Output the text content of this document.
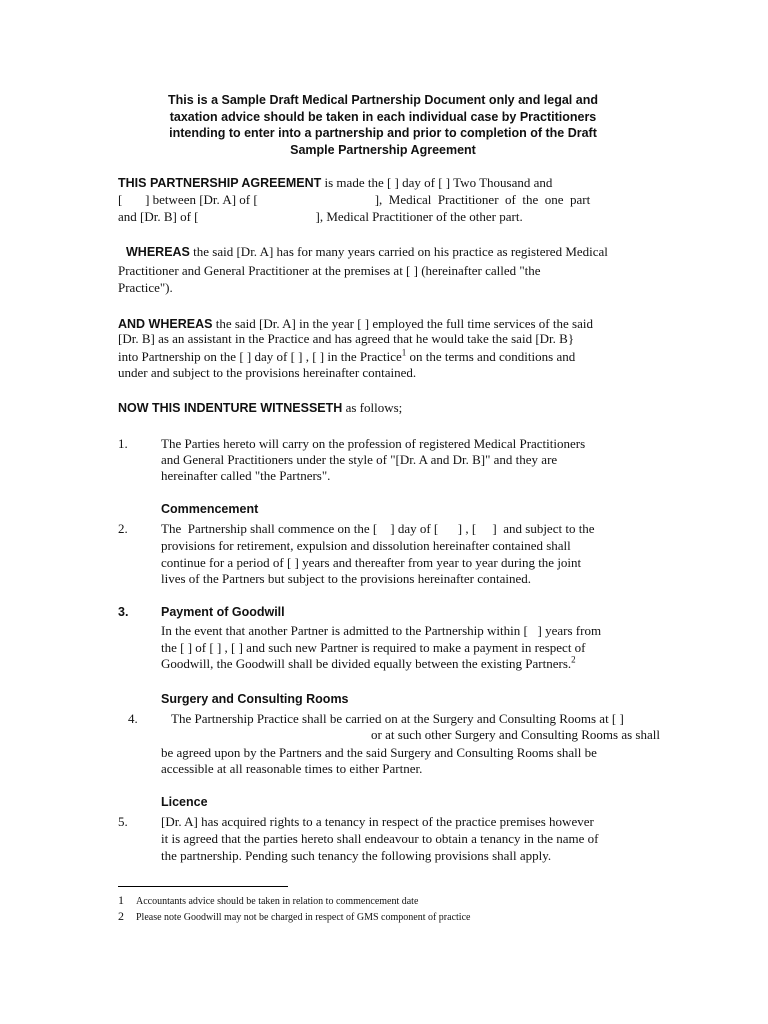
This is a Sample Draft Medical Partnership Document only and legal and
taxation advice should be taken in each individual case by Practitioners
intending to enter into a partnership and prior to completion of the Draft
Sample Partnership Agreement
THIS PARTNERSHIP AGREEMENT is made the [ ] day of [ ] Two Thousand and
[       ] between [Dr. A] of [                                    ],  Medical  Practitioner  of  the  one  part
and [Dr. B] of [                                    ], Medical Practitioner of the other part.
WHEREAS the said [Dr. A] has for many years carried on his practice as registered Medical
Practitioner and General Practitioner at the premises at [ ] (hereinafter called "the
Practice").
AND WHEREAS the said [Dr. A] in the year [ ] employed the full time services of the said
[Dr. B] as an assistant in the Practice and has agreed that he would take the said [Dr. B}
into Partnership on the [ ] day of [ ] , [ ] in the Practice$^1$ on the terms and conditions and
under and subject to the provisions hereinafter contained.
NOW THIS INDENTURE WITNESSETH as follows;
1.	The Parties hereto will carry on the profession of registered Medical Practitioners
and General Practitioners under the style of "[Dr. A and Dr. B]" and they are
hereinafter called "the Partners".
Commencement
2.	The  Partnership shall commence on the [    ] day of [      ] , [     ]  and subject to the
provisions for retirement, expulsion and dissolution hereinafter contained shall
continue for a period of [ ] years and thereafter from year to year during the joint
lives of the Partners but subject to the provisions hereinafter contained.
3.	Payment of Goodwill
In the event that another Partner is admitted to the Partnership within [   ] years from
the [ ] of [ ] , [ ] and such new Partner is required to make a payment in respect of
Goodwill, the Goodwill shall be divided equally between the existing Partners.$^2$
Surgery and Consulting Rooms
4.	The Partnership Practice shall be carried on at the Surgery and Consulting Rooms at [ ]
or at such other Surgery and Consulting Rooms as shall
be agreed upon by the Partners and the said Surgery and Consulting Rooms shall be
accessible at all reasonable times to either Partner.
Licence
5.	[Dr. A] has acquired rights to a tenancy in respect of the practice premises however
it is agreed that the parties hereto shall endeavour to obtain a tenancy in the name of
the partnership. Pending such tenancy the following provisions shall apply.
1 Accountants advice should be taken in relation to commencement date
2 Please note Goodwill may not be charged in respect of GMS component of practice
